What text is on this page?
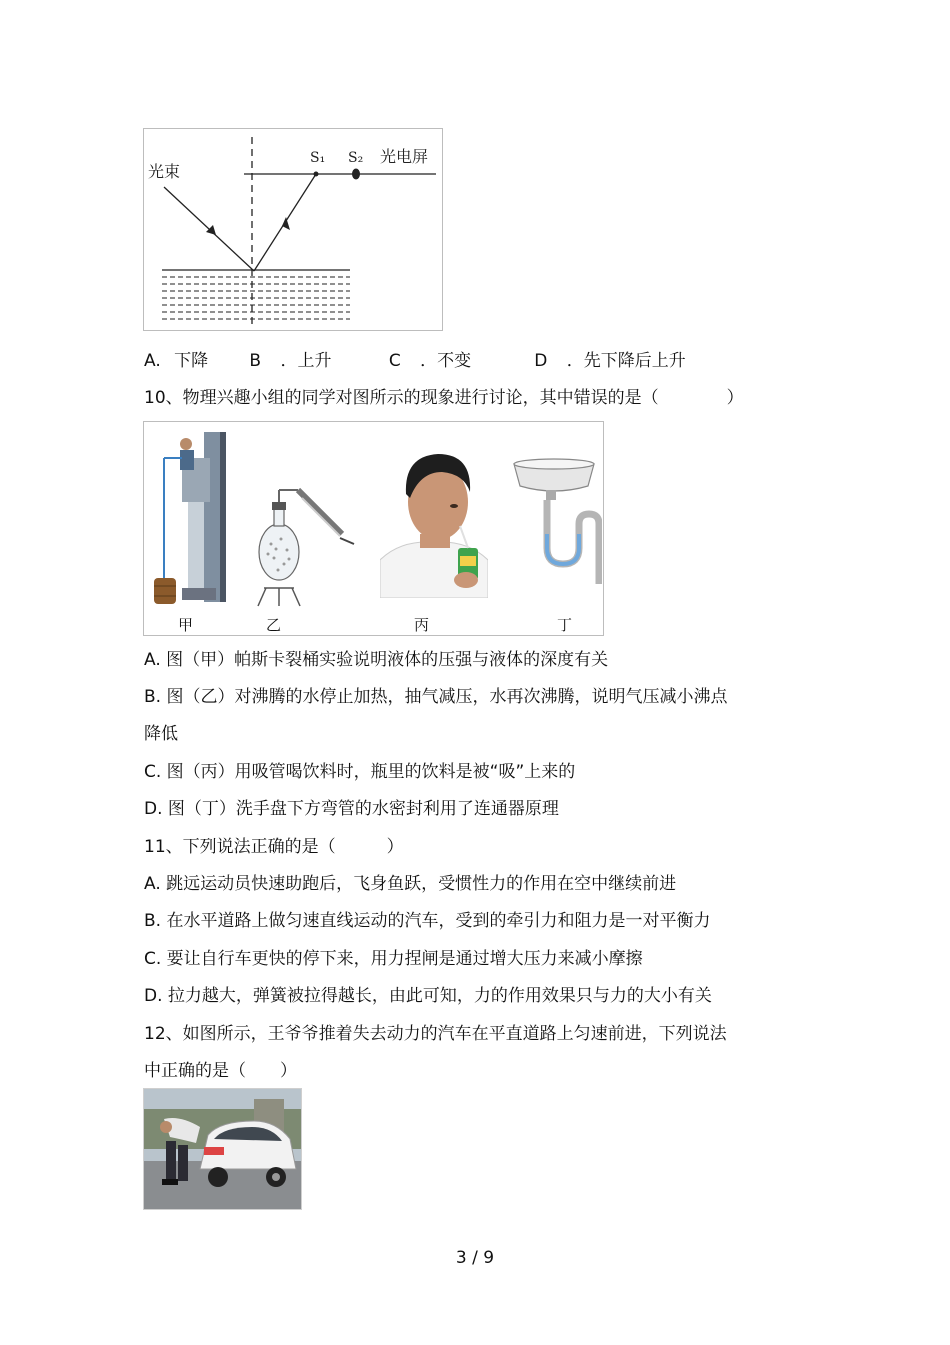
光束
S₁ S₂ 光电屏
A. 下降 B ．上升	C ．不变	D ．先下降后上升
10、物理兴趣小组的同学对图所示的现象进行讨论，其中错误的是（　　　　）
甲	乙	丙	丁
A. 图（甲）帕斯卡裂桶实验说明液体的压强与液体的深度有关
B. 图（乙）对沸腾的水停止加热，抽气减压，水再次沸腾，说明气压减小沸点
降低
C. 图（丙）用吸管喝饮料时，瓶里的饮料是被“吸”上来的
D. 图（丁）洗手盘下方弯管的水密封利用了连通器原理
11、下列说法正确的是（　　　）
A. 跳远运动员快速助跑后，飞身鱼跃，受惯性力的作用在空中继续前进
B. 在水平道路上做匀速直线运动的汽车，受到的牵引力和阻力是一对平衡力
C. 要让自行车更快的停下来，用力捏闸是通过增大压力来减小摩擦
D. 拉力越大，弹簧被拉得越长，由此可知，力的作用效果只与力的大小有关
12、如图所示，王爷爷推着失去动力的汽车在平直道路上匀速前进，下列说法
中正确的是（　　）
3 / 9
